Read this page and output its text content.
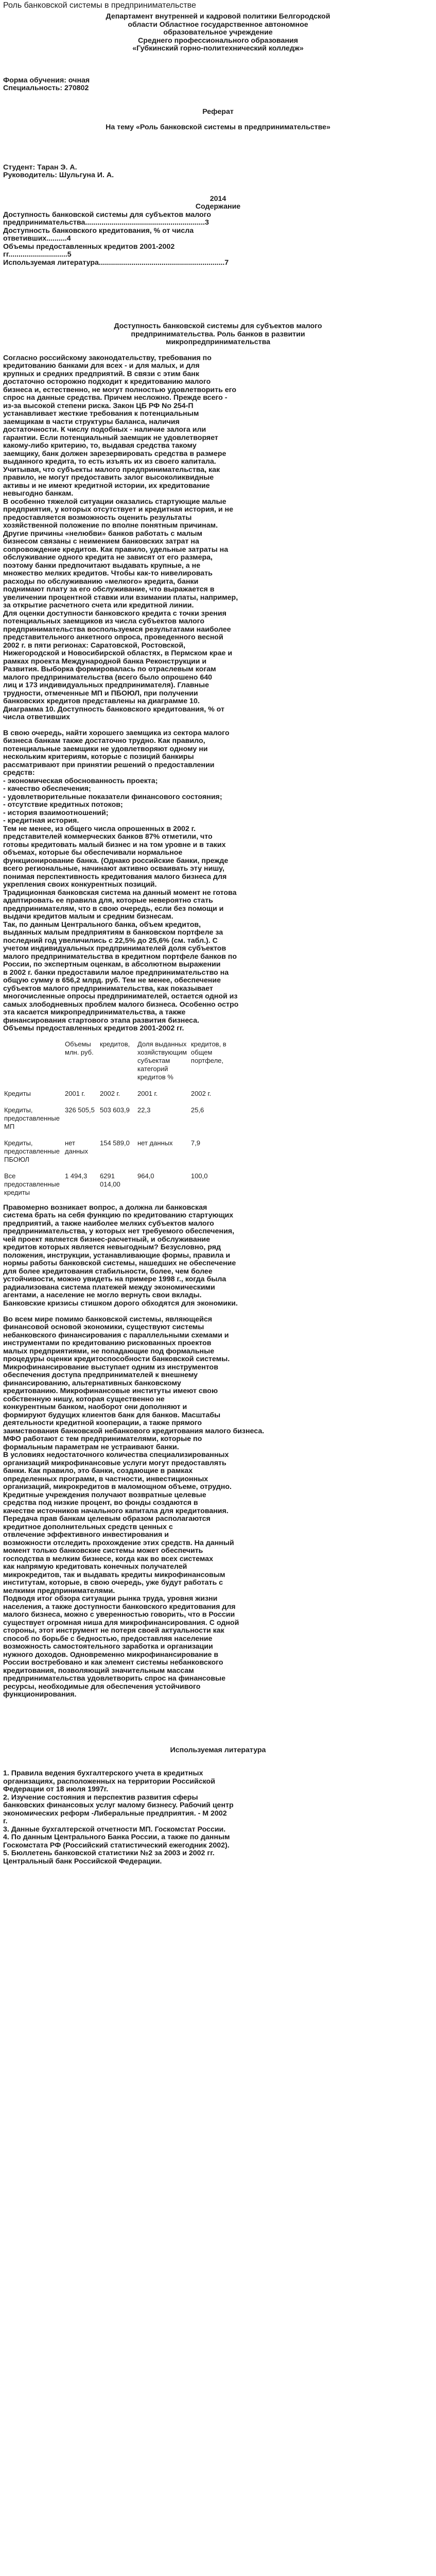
Роль банковской системы в предпринимательстве
Департамент внутренней и кадровой политики Белгородской
области Областное государственное автономное
образовательное учреждение
Среднего профессионального образования
«Губкинский горно-политехнический колледж»
Форма обучения: очная
Специальность: 270802
Реферат
На тему «Роль банковской системы в предпринимательстве»
Студент: Таран Э. А.
Руководитель: Шульгуна И. А.
2014
Содержание
Доступность банковской системы для субъектов малого
предпринимательства...........................................................3
Доступность банковского кредитования, % от числа
ответивших..........4
Объемы предоставленных кредитов 2001-2002
гг.............................5
Используемая литература..............................................................7
Доступность банковской системы для субъектов малого
предпринимательства. Роль банков в развитии
микропредпринимательства
Согласно российскому законодательству, требования по
кредитованию банками для всех - и для малых, и для
крупных и средних предприятий. В связи с этим банк
достаточно осторожно подходит к кредитованию малого
бизнеса и, естественно, не могут полностью удовлетворить его
спрос на данные средства. Причем несложно. Прежде всего -
из-за высокой степени риска. Закон ЦБ РФ No 254-П
устанавливает жесткие требования к потенциальным
заемщикам в части структуры баланса, наличия
достаточности. К числу подобных - наличие залога или
гарантии. Если потенциальный заемщик не удовлетворяет
какому-либо критерию, то, выдавая средства такому
заемщику, банк должен зарезервировать средства в размере
выданного кредита, то есть изъять их из своего капитала.
Учитывая, что субъекты малого предпринимательства, как
правило, не могут предоставить залог высоколиквидные
активы и не имеют кредитной истории, их кредитование
невыгодно банкам.
В особенно тяжелой ситуации оказались стартующие малые
предприятия, у которых отсутствует и кредитная история, и не
предоставляется возможность оценить результаты
хозяйственной положение по вполне понятным причинам.
Другие причины «нелюбви» банков работать с малым
бизнесом связаны с неимением банковских затрат на
сопровождение кредитов. Как правило, удельные затраты на
обслуживание одного кредита не зависят от его размера,
поэтому банки предпочитают выдавать крупные, а не
множество мелких кредитов. Чтобы как-то нивелировать
расходы по обслуживанию «мелкого» кредита, банки
поднимают плату за его обслуживание, что выражается в
увеличении процентной ставки или взимании платы, например,
за открытие расчетного счета или кредитной линии.
Для оценки доступности банковского кредита с точки зрения
потенциальных заемщиков из числа субъектов малого
предпринимательства воспользуемся результатами наиболее
представительного анкетного опроса, проведенного весной
2002 г. в пяти регионах: Саратовской, Ростовской,
Нижегородской и Новосибирской областях, в Пермском крае и
рамках проекта Международной банка Реконструкции и
Развития. Выборка формировалась по отраслевым когам
малого предпринимательства (всего было опрошено 640
лиц и 173 индивидуальных предпринимателя). Главные
трудности, отмеченные МП и ПБОЮЛ, при получении
банковских кредитов представлены на диаграмме 10.
Диаграмма 10. Доступность банковского кредитования, % от
числа ответивших
В свою очередь, найти хорошего заемщика из сектора малого
бизнеса банкам также достаточно трудно. Как правило,
потенциальные заемщики не удовлетворяют одному ни
нескольким критериям, которые с позиций банкиры
рассматривают при принятии решений о предоставлении
средств:
- экономическая обоснованность проекта;
- качество обеспечения;
- удовлетворительные показатели финансового состояния;
- отсутствие кредитных потоков;
- история взаимоотношений;
- кредитная история.
Тем не менее, из общего числа опрошенных в 2002 г.
представителей коммерческих банков 87% отметили, что
готовы кредитовать малый бизнес и на том уровне и в таких
объемах, которые бы обеспечивали нормальное
функционирование банка. (Однако российские банки, прежде
всего региональные, начинают активно осваивать эту нишу,
понимая перспективность кредитования малого бизнеса для
укрепления своих конкурентных позиций.
Традиционная банковская система на данный момент не готова
адаптировать ее правила для, которые невероятно стать
предпринимателям, что в свою очередь, если без помощи и
выдачи кредитов малым и средним бизнесам.
Так, по данным Центрального банка, объем кредитов,
выданных малым предприятиям в банковском портфеле за
последний год увеличились с 22,5% до 25,6% (см. табл.). С
учетом индивидуальных предпринимателей доля субъектов
малого предпринимательства в кредитном портфеле банков по
России, по экспертным оценкам, в абсолютном выражении
в 2002 г. банки предоставили малое предпринимательство на
общую сумму в 656,2 млрд. руб. Тем не менее, обеспечение
субъектов малого предпринимательства, как показывает
многочисленные опросы предпринимателей, остается одной из
самых злободневных проблем малого бизнеса. Особенно остро
эта касается микропредпринимательства, а также
финансирования стартового этапа развития бизнеса.
Объемы предоставленных кредитов 2001-2002 гг.
	Объемы млн. руб.	кредитов,	Доля выданных хозяйствующим субъектам категорий кредитов %	кредитов, в общем портфеле,
Кредиты	2001 г.	2002 г.	2001 г.	2002 г.
Кредиты, предоставленные МП	326 505,5	503 603,9	22,3	25,6
Кредиты, предоставленные ПБОЮЛ	нет данных	154 589,0	нет данных	7,9
Все предоставленные кредиты	1 494,3	6291 014,00	964,0	100,0
Правомерно возникает вопрос, а должна ли банковская
система брать на себя функцию по кредитованию стартующих
предприятий, а также наиболее мелких субъектов малого
предпринимательства, у которых нет требуемого обеспечения,
чей проект является бизнес-расчетный, и обслуживание
кредитов которых является невыгодным? Безусловно, ряд
положения, инструкции, устанавливающие формы, правила и
нормы работы банковской системы, нашедших не обеспечение
для более кредитования стабильности, более, чем более
устойчивости, можно увидеть на примере 1998 г., когда была
радиализована система платежей между экономическими
агентами, а население не могло вернуть свои вклады.
Банковские кризисы стишком дорого обходятся для экономики.

Во всем мире помимо банковской системы, являющейся
финансовой основой экономики, существуют системы
небанковского финансирования с параллельными схемами и
инструментами по кредитованию рискованных проектов
малых предприятиями, не попадающие под формальные
процедуры оценки кредитоспособности банковской системы.
Микрофинансирование выступает одним из инструментов
обеспечения доступа предпринимателей к внешнему
финансированию, альтернативных банковскому
кредитованию. Микрофинансовые институты имеют свою
собственную нишу, которая существенно не
конкурентным банком, наоборот они дополняют и
формируют будущих клиентов банк для банков. Масштабы
деятельности кредитной кооперации, а также прямого
заимствования банковской небанкового кредитования малого бизнеса.
МФО работают с тем предпринимателями, которые по
формальным параметрам не устраивают банки.
В условиях недостаточного количества специализированных
организаций микрофинансовые услуги могут предоставлять
банки. Как правило, это банки, создающие в рамках
определенных программ, в частности, инвестиционных
организаций, микрокредитов в маломощном объеме, отрудно.
Кредитные учреждения получают возвратные целевые
средства под низкие процент, во фонды создаются в
качестве источников начального капитала для кредитования.
Передача прав банкам целевым образом располагаются
кредитное дополнительных средств ценных с
отвлечение эффективного инвестирования и
возможности отследить прохождение этих средств. На данный
момент только банковские системы может обеспечить
господства в мелким бизнесе, когда как во всех системах
как напрямую кредитовать конечных получателей
микрокредитов, так и выдавать кредиты микрофинансовым
институтам, которые, в свою очередь, уже будут работать с
мелкими предпринимателями.
Подводя итог обзора ситуации рынка труда, уровня жизни
населения, а также доступности банковского кредитования для
малого бизнеса, можно с уверенностью говорить, что в России
существует огромная ниша для микрофинансирования. С одной
стороны, этот инструмент не потеря своей актуальности как
способ по борьбе с бедностью, предоставляя население
возможность самостоятельного заработка и организации
нужного доходов. Одновременно микрофинансирование в
России востребовано и как элемент системы небанковского
кредитования, позволяющий значительным массам
предпринимательства удовлетворить спрос на финансовые
ресурсы, необходимые для обеспечения устойчивого
функционирования.
Используемая литература
1. Правила ведения бухгалтерского учета в кредитных
организациях, расположенных на территории Российской
Федерации от 18 июля 1997г.
2. Изучение состояния и перспектив развития сферы
банковских финансовых услуг малому бизнесу. Рабочий центр
экономических реформ -Либеральные предприятия. - М 2002
г.
3. Данные бухгалтерской отчетности МП. Госкомстат России.
4. По данным Центрального Банка России, а также по данным
Госкомстата РФ (Российский статистический ежегодник 2002).
5. Бюллетень банковской статистики №2 за 2003 и 2002 гг.
Центральный банк Российской Федерации.
